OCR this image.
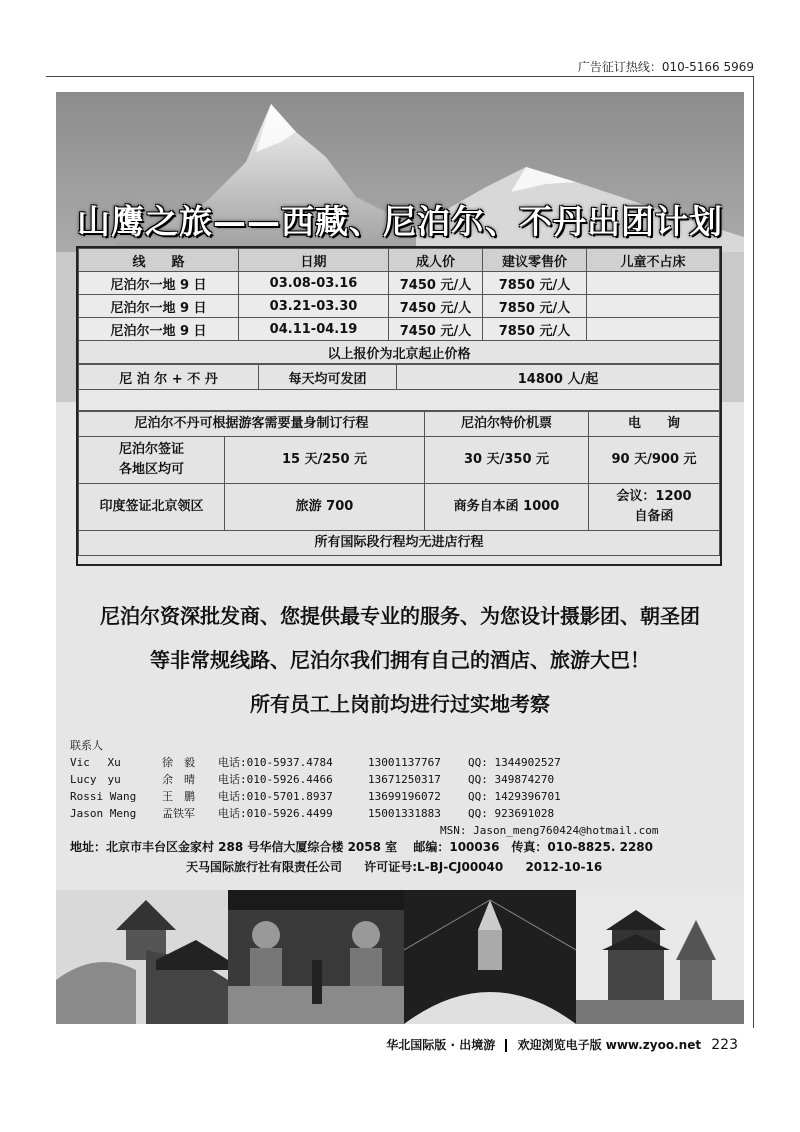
广告征订热线：010-5166 5969
山鹰之旅——西藏、尼泊尔、不丹出团计划
线　　路	日期	成人价	建议零售价	儿童不占床
尼泊尔一地 9 日	03.08-03.16	7450 元/人	7850 元/人	
尼泊尔一地 9 日	03.21-03.30	7450 元/人	7850 元/人	
尼泊尔一地 9 日	04.11-04.19	7450 元/人	7850 元/人	
以上报价为北京起止价格				
尼 泊 尔 + 不 丹	每天均可发团	14800 人/起

尼泊尔不丹可根据游客需要量身制订行程		尼泊尔特价机票	电　　询
尼泊尔签证
各地区均可	15 天/250 元	30 天/350 元	90 天/900 元
印度签证北京领区	旅游 700	商务自本函 1000	会议：1200
自备函
所有国际段行程均无进店行程			
尼泊尔资深批发商、您提供最专业的服务、为您设计摄影团、朝圣团
等非常规线路、尼泊尔我们拥有自己的酒店、旅游大巴！
所有员工上岗前均进行过实地考察
联系人
Vic　 Xu	徐　毅	电话:010-5937.4784	13001137767	QQ: 1344902527
Lucy　yu	余　晴	电话:010-5926.4466	13671250317	QQ: 349874270
Rossi Wang	王　鹏	电话:010-5701.8937	13699196072	QQ: 1429396701
Jason Meng	孟铁军	电话:010-5926.4499	15001331883	QQ: 923691028
MSN: Jason_meng760424@hotmail.com
地址：北京市丰台区金家村 288 号华信大厦综合楼 2058 室　 邮编：100036　传真：010-8825. 2280
天马国际旅行社有限责任公司 许可证号:L-BJ-CJ00040 2012-10-16
华北国际版 · 出境游 欢迎浏览电子版 www.zyoo.net 223
